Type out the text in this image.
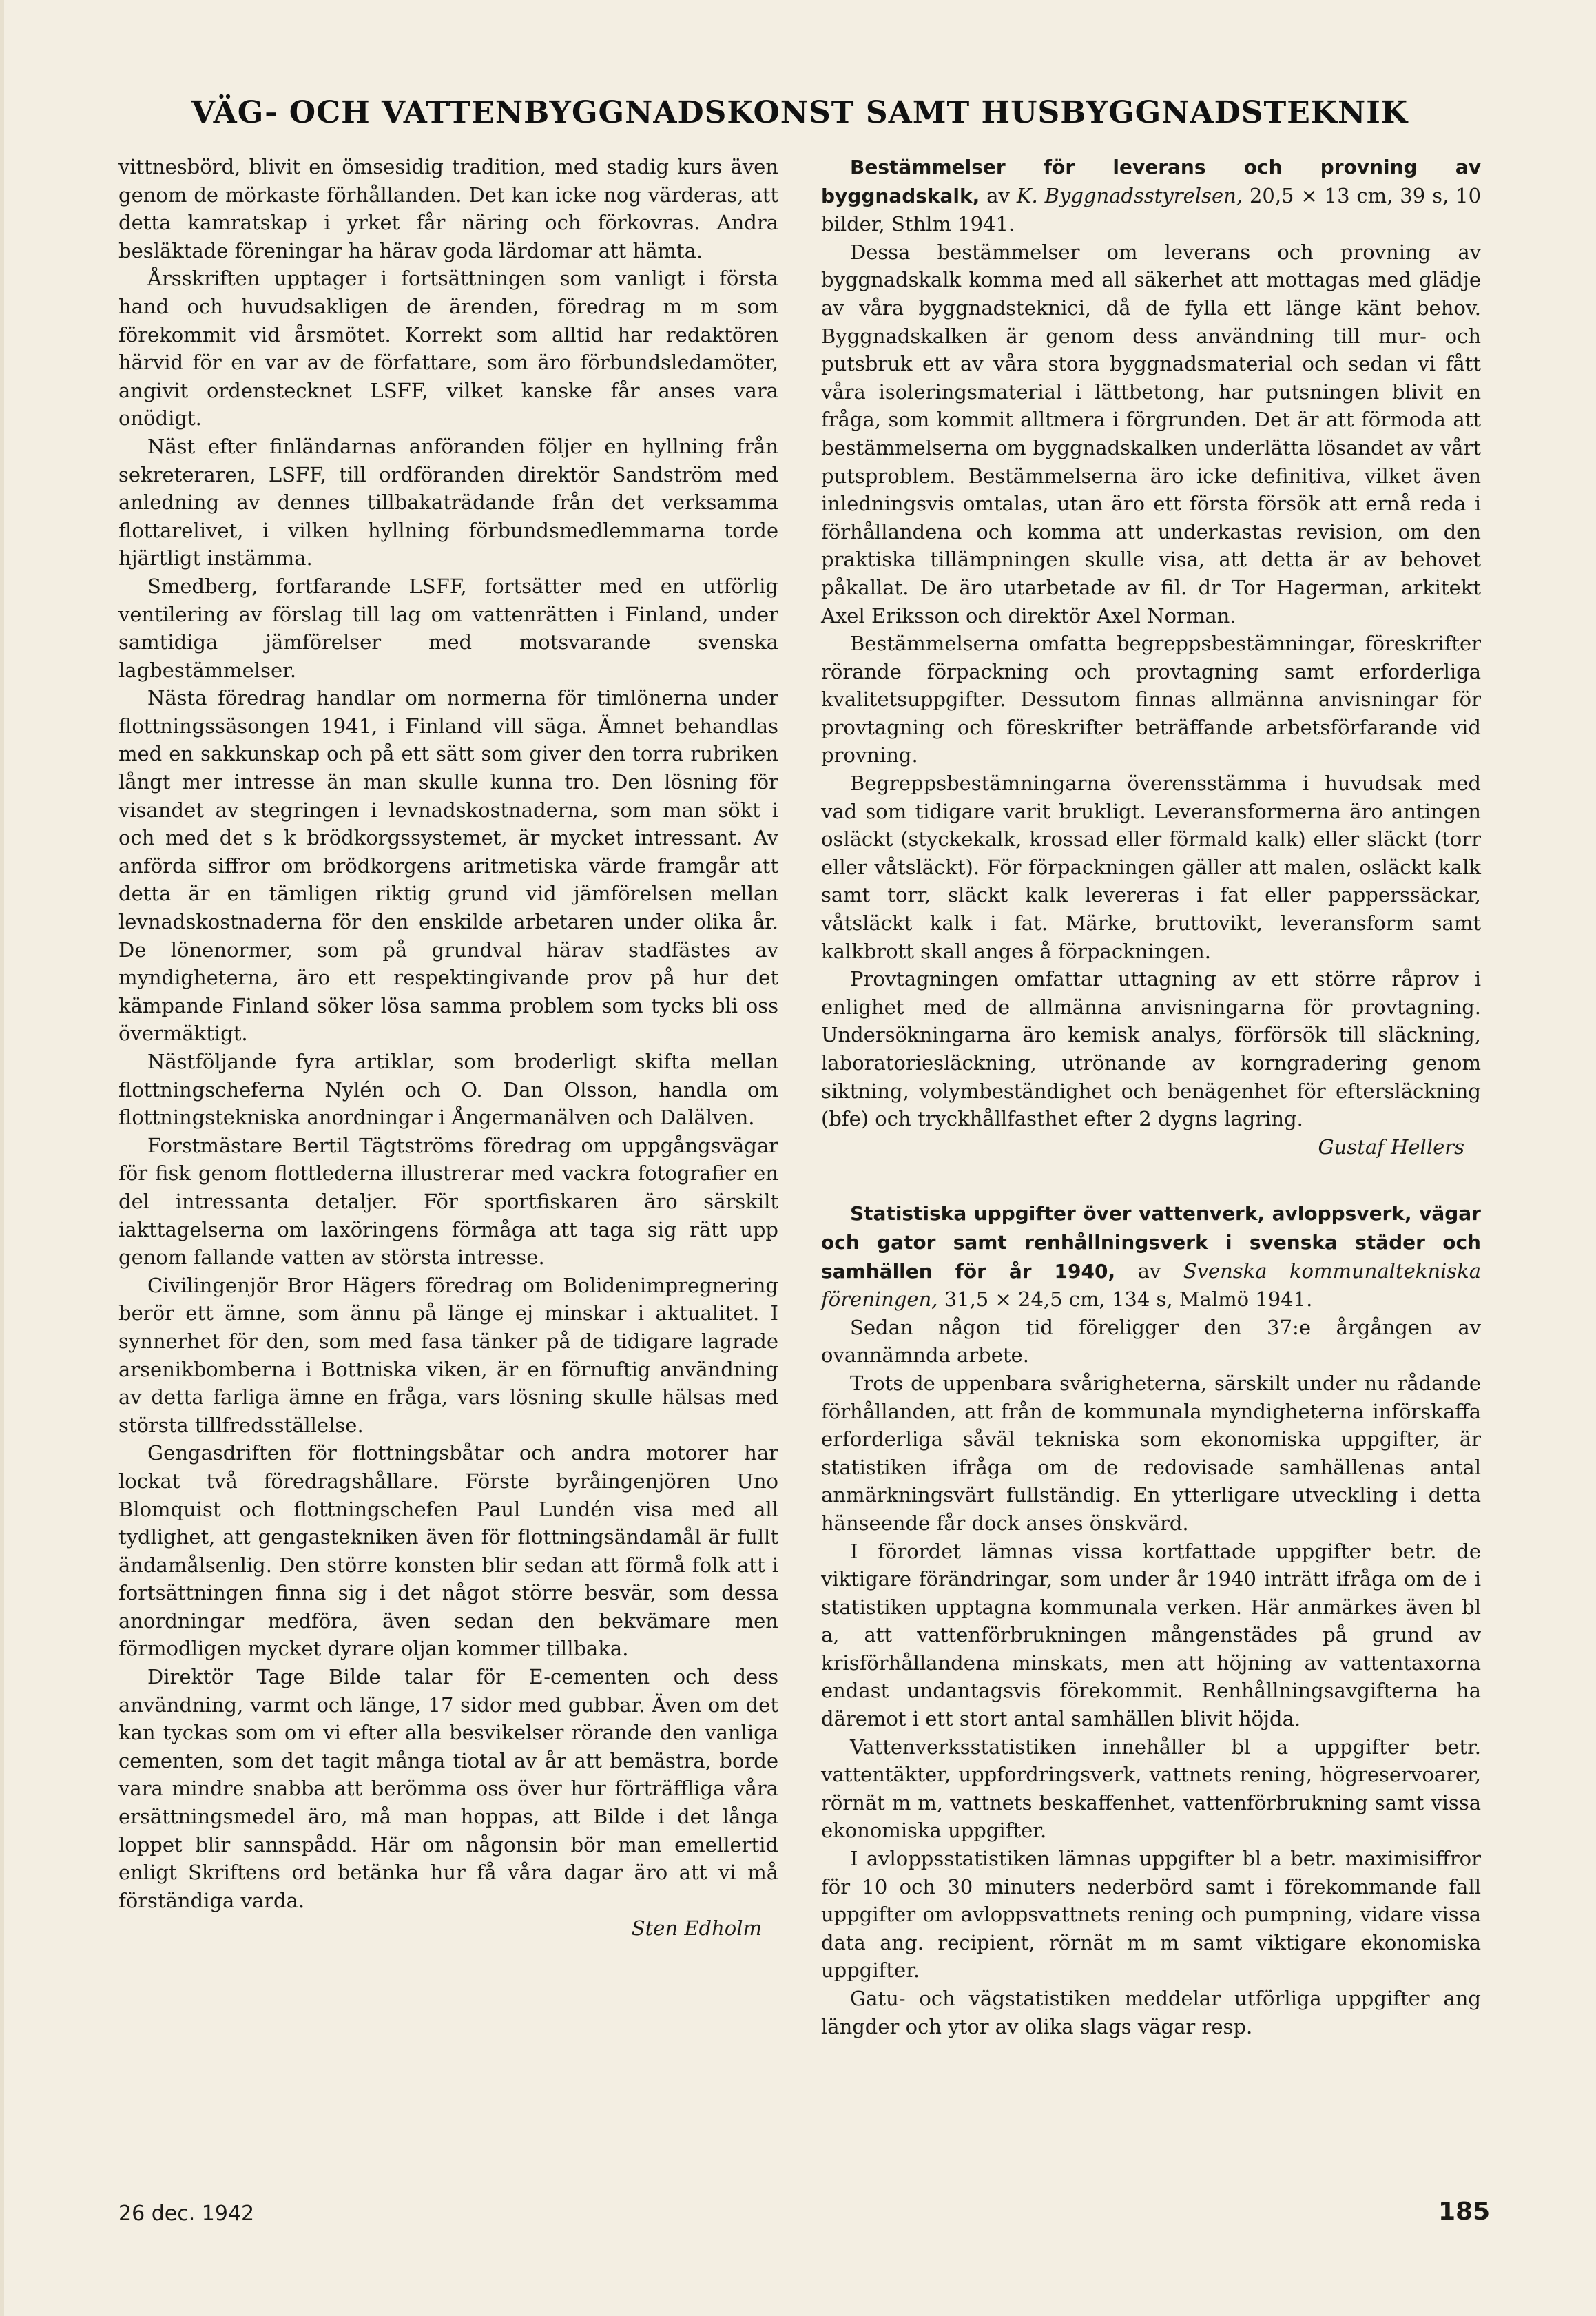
VÄG- OCH VATTENBYGGNADSKONST SAMT HUSBYGGNADSTEKNIK

vittnesbörd, blivit en ömsesidig tradition, med stadig kurs även genom de mörkaste förhållanden. Det kan icke nog värderas, att detta kamratskap i yrket får näring och förkovras. Andra besläktade föreningar ha härav goda lärdomar att hämta.

Årsskriften upptager i fortsättningen som vanligt i första hand och huvudsakligen de ärenden, föredrag m m som förekommit vid årsmötet. Korrekt som alltid har redaktören härvid för en var av de författare, som äro förbundsledamöter, angivit ordenstecknet LSFF, vilket kanske får anses vara onödigt.

Näst efter finländarnas anföranden följer en hyllning från sekreteraren, LSFF, till ordföranden direktör Sandström med anledning av dennes tillbakaträdande från det verksamma flottarelivet, i vilken hyllning förbundsmedlemmarna torde hjärtligt instämma.

Smedberg, fortfarande LSFF, fortsätter med en utförlig ventilering av förslag till lag om vattenrätten i Finland, under samtidiga jämförelser med motsvarande svenska lagbestämmelser.

Nästa föredrag handlar om normerna för timlönerna under flottningssäsongen 1941, i Finland vill säga. Ämnet behandlas med en sakkunskap och på ett sätt som giver den torra rubriken långt mer intresse än man skulle kunna tro. Den lösning för visandet av stegringen i levnadskostnaderna, som man sökt i och med det s k brödkorgssystemet, är mycket intressant. Av anförda siffror om brödkorgens aritmetiska värde framgår att detta är en tämligen riktig grund vid jämförelsen mellan levnadskostnaderna för den enskilde arbetaren under olika år. De lönenormer, som på grundval härav stadfästes av myndigheterna, äro ett respektingivande prov på hur det kämpande Finland söker lösa samma problem som tycks bli oss övermäktigt.

Nästföljande fyra artiklar, som broderligt skifta mellan flottningscheferna Nylén och O. Dan Olsson, handla om flottningstekniska anordningar i Ångermanälven och Dalälven.

Forstmästare Bertil Tägtströms föredrag om uppgångsvägar för fisk genom flottlederna illustrerar med vackra fotografier en del intressanta detaljer. För sportfiskaren äro särskilt iakttagelserna om laxöringens förmåga att taga sig rätt upp genom fallande vatten av största intresse.

Civilingenjör Bror Hägers föredrag om Bolidenimpregnering berör ett ämne, som ännu på länge ej minskar i aktualitet. I synnerhet för den, som med fasa tänker på de tidigare lagrade arsenikbomberna i Bottniska viken, är en förnuftig användning av detta farliga ämne en fråga, vars lösning skulle hälsas med största tillfredsställelse.

Gengasdriften för flottningsbåtar och andra motorer har lockat två föredragshållare. Förste byråingenjören Uno Blomquist och flottningschefen Paul Lundén visa med all tydlighet, att gengastekniken även för flottningsändamål är fullt ändamålsenlig. Den större konsten blir sedan att förmå folk att i fortsättningen finna sig i det något större besvär, som dessa anordningar medföra, även sedan den bekvämare men förmodligen mycket dyrare oljan kommer tillbaka.

Direktör Tage Bilde talar för E-cementen och dess användning, varmt och länge, 17 sidor med gubbar. Även om det kan tyckas som om vi efter alla besvikelser rörande den vanliga cementen, som det tagit många tiotal av år att bemästra, borde vara mindre snabba att berömma oss över hur förträffliga våra ersättningsmedel äro, må man hoppas, att Bilde i det långa loppet blir sannspådd. Här om någonsin bör man emellertid enligt Skriftens ord betänka hur få våra dagar äro att vi må förständiga varda.

Sten Edholm

Bestämmelser för leverans och provning av byggnadskalk, av K. Byggnadsstyrelsen, 20,5 × 13 cm, 39 s, 10 bilder, Sthlm 1941.

Dessa bestämmelser om leverans och provning av byggnadskalk komma med all säkerhet att mottagas med glädje av våra byggnadsteknici, då de fylla ett länge känt behov. Byggnadskalken är genom dess användning till mur- och putsbruk ett av våra stora byggnadsmaterial och sedan vi fått våra isoleringsmaterial i lättbetong, har putsningen blivit en fråga, som kommit alltmera i förgrunden. Det är att förmoda att bestämmelserna om byggnadskalken underlätta lösandet av vårt putsproblem. Bestämmelserna äro icke definitiva, vilket även inledningsvis omtalas, utan äro ett första försök att ernå reda i förhållandena och komma att underkastas revision, om den praktiska tillämpningen skulle visa, att detta är av behovet påkallat. De äro utarbetade av fil. dr Tor Hagerman, arkitekt Axel Eriksson och direktör Axel Norman.

Bestämmelserna omfatta begreppsbestämningar, föreskrifter rörande förpackning och provtagning samt erforderliga kvalitetsuppgifter. Dessutom finnas allmänna anvisningar för provtagning och föreskrifter beträffande arbetsförfarande vid provning.

Begreppsbestämningarna överensstämma i huvudsak med vad som tidigare varit brukligt. Leveransformerna äro antingen osläckt (styckekalk, krossad eller förmald kalk) eller släckt (torr eller våtsläckt). För förpackningen gäller att malen, osläckt kalk samt torr, släckt kalk levereras i fat eller papperssäckar, våtsläckt kalk i fat. Märke, bruttovikt, leveransform samt kalkbrott skall anges å förpackningen.

Provtagningen omfattar uttagning av ett större råprov i enlighet med de allmänna anvisningarna för provtagning. Undersökningarna äro kemisk analys, förförsök till släckning, laboratoriesläckning, utrönande av korngradering genom siktning, volymbeständighet och benägenhet för eftersläckning (bfe) och tryckhållfasthet efter 2 dygns lagring.

Gustaf Hellers

Statistiska uppgifter över vattenverk, avloppsverk, vägar och gator samt renhållningsverk i svenska städer och samhällen för år 1940, av Svenska kommunaltekniska föreningen, 31,5 × 24,5 cm, 134 s, Malmö 1941.

Sedan någon tid föreligger den 37:e årgången av ovannämnda arbete.

Trots de uppenbara svårigheterna, särskilt under nu rådande förhållanden, att från de kommunala myndigheterna införskaffa erforderliga såväl tekniska som ekonomiska uppgifter, är statistiken ifråga om de redovisade samhällenas antal anmärkningsvärt fullständig. En ytterligare utveckling i detta hänseende får dock anses önskvärd.

I förordet lämnas vissa kortfattade uppgifter betr. de viktigare förändringar, som under år 1940 inträtt ifråga om de i statistiken upptagna kommunala verken. Här anmärkes även bl a, att vattenförbrukningen mångenstädes på grund av krisförhållandena minskats, men att höjning av vattentaxorna endast undantagsvis förekommit. Renhållningsavgifterna ha däremot i ett stort antal samhällen blivit höjda.

Vattenverksstatistiken innehåller bl a uppgifter betr. vattentäkter, uppfordringsverk, vattnets rening, högreservoarer, rörnät m m, vattnets beskaffenhet, vattenförbrukning samt vissa ekonomiska uppgifter.

I avloppsstatistiken lämnas uppgifter bl a betr. maximisiffror för 10 och 30 minuters nederbörd samt i förekommande fall uppgifter om avloppsvattnets rening och pumpning, vidare vissa data ang. recipient, rörnät m m samt viktigare ekonomiska uppgifter.

Gatu- och vägstatistiken meddelar utförliga uppgifter ang längder och ytor av olika slags vägar resp.

26 dec. 1942	185
